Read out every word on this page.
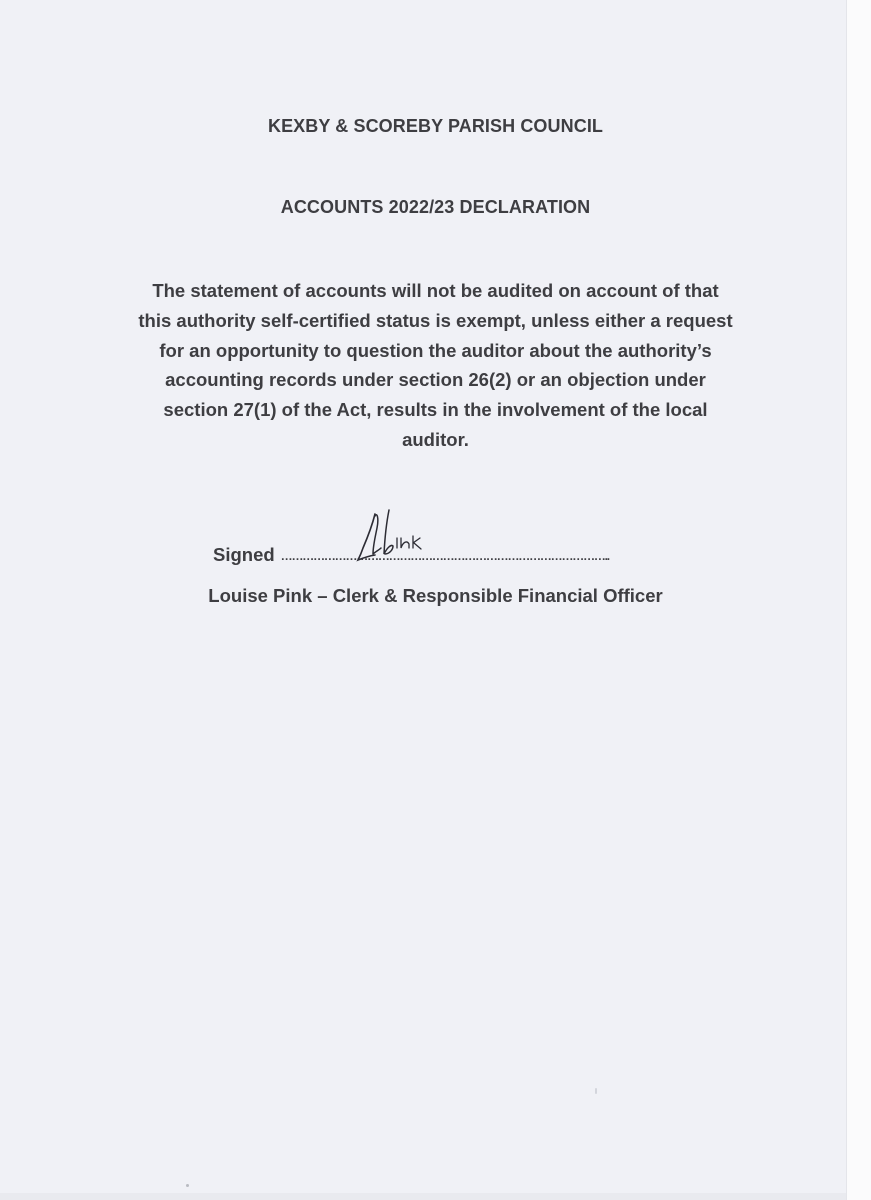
KEXBY & SCOREBY PARISH COUNCIL
ACCOUNTS 2022/23 DECLARATION
The statement of accounts will not be audited on account of that
this authority self-certified status is exempt, unless either a request
for an opportunity to question the auditor about the authority’s
accounting records under section 26(2) or an objection under
section 27(1) of the Act, results in the involvement of the local
auditor.
Signed ………………………………………………………………………………..
Louise Pink – Clerk & Responsible Financial Officer
